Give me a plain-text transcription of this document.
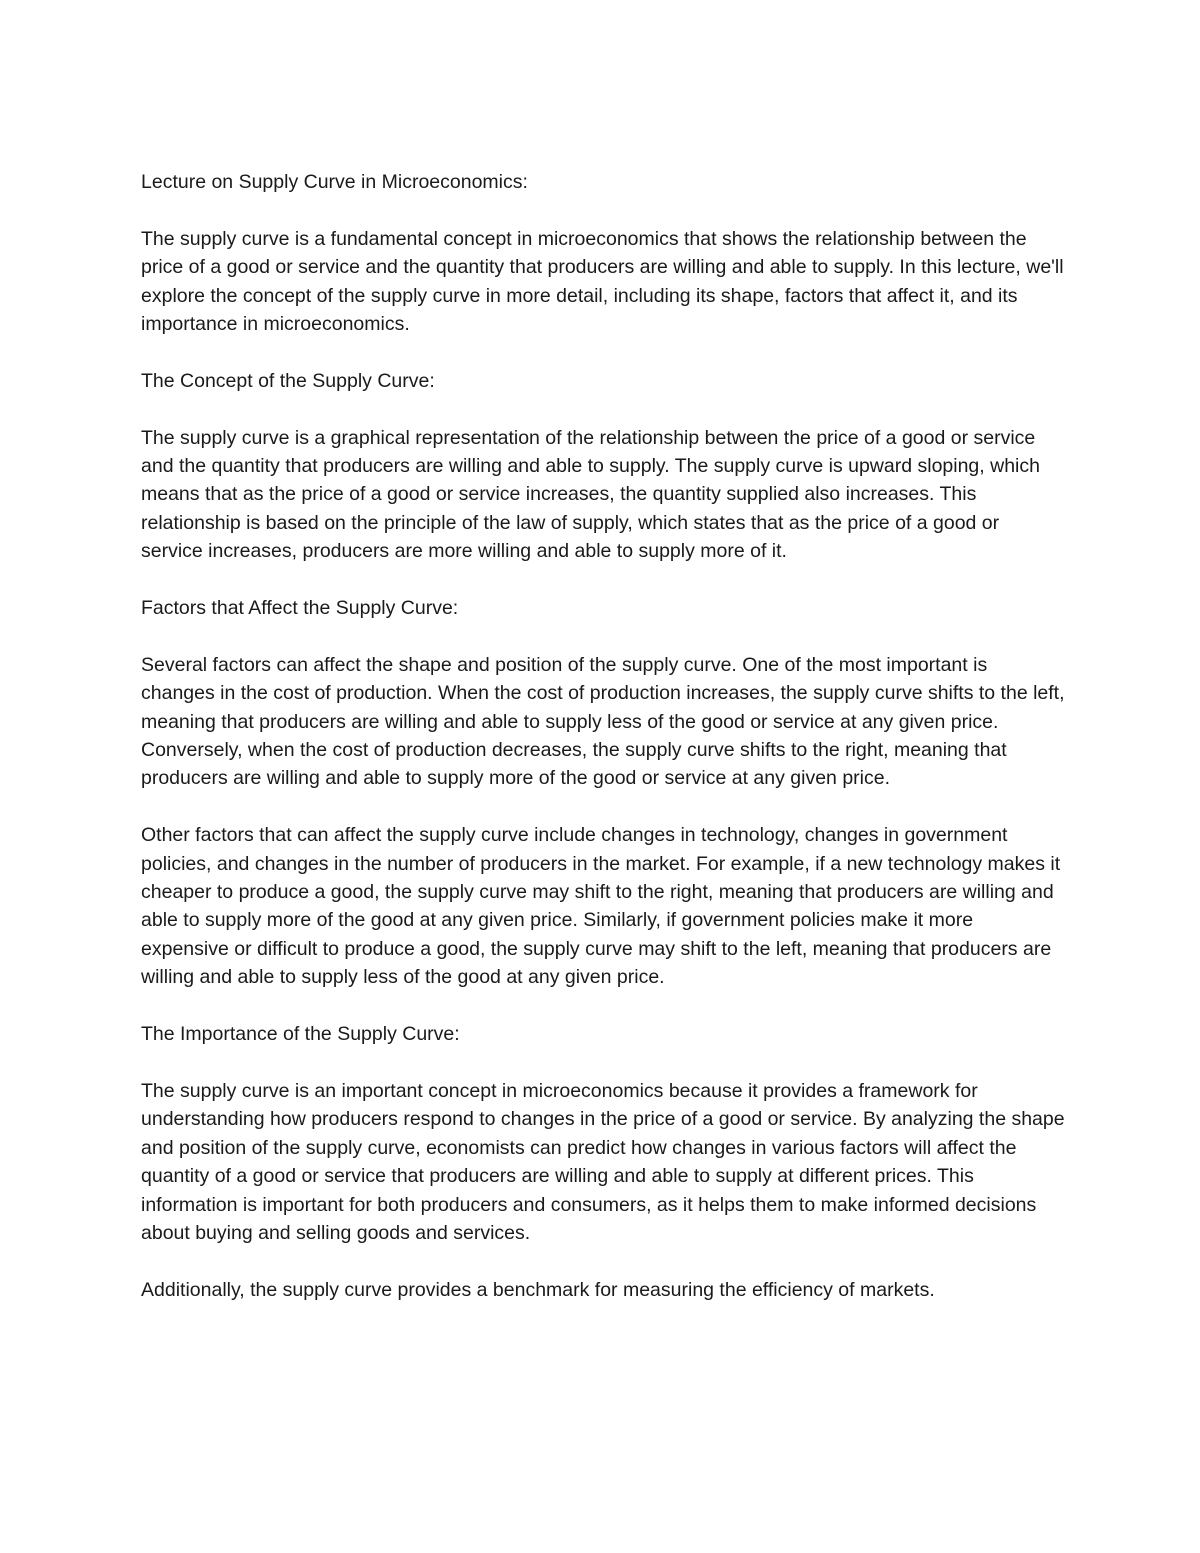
Lecture on Supply Curve in Microeconomics:

The supply curve is a fundamental concept in microeconomics that shows the relationship between the price of a good or service and the quantity that producers are willing and able to supply. In this lecture, we'll explore the concept of the supply curve in more detail, including its shape, factors that affect it, and its importance in microeconomics.

The Concept of the Supply Curve:

The supply curve is a graphical representation of the relationship between the price of a good or service and the quantity that producers are willing and able to supply. The supply curve is upward sloping, which means that as the price of a good or service increases, the quantity supplied also increases. This relationship is based on the principle of the law of supply, which states that as the price of a good or service increases, producers are more willing and able to supply more of it.

Factors that Affect the Supply Curve:

Several factors can affect the shape and position of the supply curve. One of the most important is changes in the cost of production. When the cost of production increases, the supply curve shifts to the left, meaning that producers are willing and able to supply less of the good or service at any given price. Conversely, when the cost of production decreases, the supply curve shifts to the right, meaning that producers are willing and able to supply more of the good or service at any given price.

Other factors that can affect the supply curve include changes in technology, changes in government policies, and changes in the number of producers in the market. For example, if a new technology makes it cheaper to produce a good, the supply curve may shift to the right, meaning that producers are willing and able to supply more of the good at any given price. Similarly, if government policies make it more expensive or difficult to produce a good, the supply curve may shift to the left, meaning that producers are willing and able to supply less of the good at any given price.

The Importance of the Supply Curve:

The supply curve is an important concept in microeconomics because it provides a framework for understanding how producers respond to changes in the price of a good or service. By analyzing the shape and position of the supply curve, economists can predict how changes in various factors will affect the quantity of a good or service that producers are willing and able to supply at different prices. This information is important for both producers and consumers, as it helps them to make informed decisions about buying and selling goods and services.

Additionally, the supply curve provides a benchmark for measuring the efficiency of markets.
